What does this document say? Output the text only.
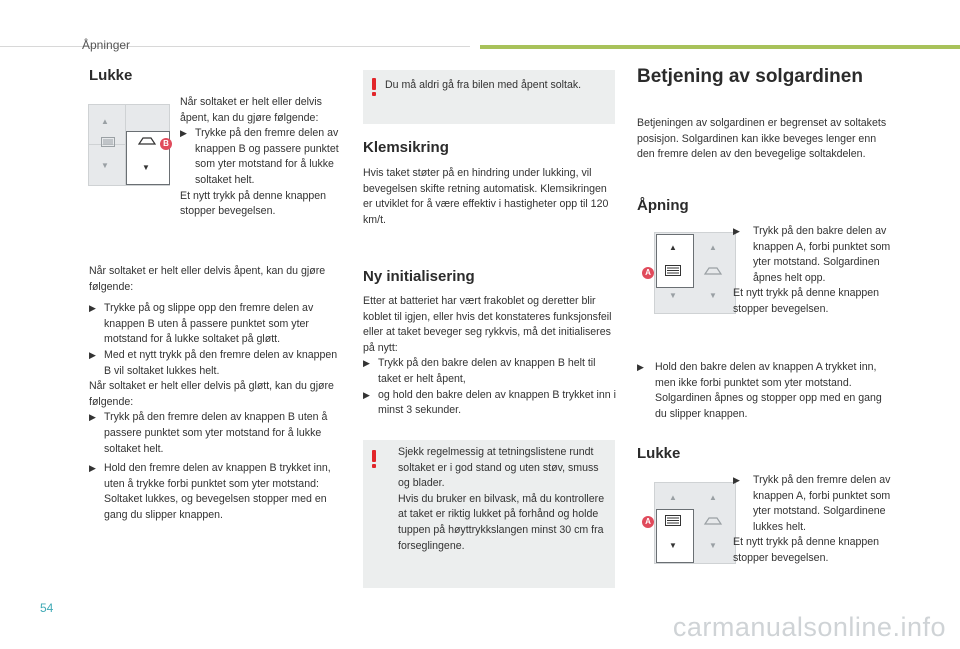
Åpninger
Lukke
▲
▼	▼
B

Når soltaket er helt eller delvis åpent, kan du gjøre følgende:

▶ Trykke på den fremre delen av knappen B og passere punktet som yter motstand for å lukke soltaket helt.

Et nytt trykk på denne knappen stopper bevegelsen.

Når soltaket er helt eller delvis åpent, kan du gjøre følgende:

▶ Trykke på og slippe opp den fremre delen av knappen B uten å passere punktet som yter motstand for å lukke soltaket på gløtt.
▶ Med et nytt trykk på den fremre delen av knappen B vil soltaket lukkes helt.

Når soltaket er helt eller delvis på gløtt, kan du gjøre følgende:

▶ Trykk på den fremre delen av knappen B uten å passere punktet som yter motstand for å lukke soltaket helt.
▶ Hold den fremre delen av knappen B trykket inn, uten å trykke forbi punktet som yter motstand: Soltaket lukkes, og bevegelsen stopper med en gang du slipper knappen.

Du må aldri gå fra bilen med åpent soltak.

Klemsikring

Hvis taket støter på en hindring under lukking, vil bevegelsen skifte retning automatisk. Klemsikringen er utviklet for å være effektiv i hastigheter opp til 120 km/t.

Ny initialisering

Etter at batteriet har vært frakoblet og deretter blir koblet til igjen, eller hvis det konstateres funksjonsfeil eller at taket beveger seg rykkvis, må det initialiseres på nytt:

▶ Trykk på den bakre delen av knappen B helt til taket er helt åpent,
▶ og hold den bakre delen av knappen B trykket inn i minst 3 sekunder.

Sjekk regelmessig at tetningslistene rundt soltaket er i god stand og uten støv, smuss og blader.
Hvis du bruker en bilvask, må du kontrollere at taket er riktig lukket på forhånd og holde tuppen på høyttrykkslangen minst 30 cm fra forseglingene.

Betjening av solgardinen

Betjeningen av solgardinen er begrenset av soltakets posisjon. Solgardinen kan ikke beveges lenger enn den fremre delen av den bevegelige soltakdelen.

Åpning
▲
▼
▲
▼
A
▶	Trykk på den bakre delen av knappen A, forbi punktet som yter motstand. Solgardinen åpnes helt opp.

Et nytt trykk på denne knappen stopper bevegelsen.

▶	Hold den bakre delen av knappen A trykket inn, men ikke forbi punktet som yter motstand. Solgardinen åpnes og stopper opp med en gang du slipper knappen.
Lukke
▲
▼
▲
▼
A
▶	Trykk på den fremre delen av knappen A, forbi punktet som yter motstand. Solgardinene lukkes helt.

Et nytt trykk på denne knappen stopper bevegelsen.

54
carmanualsonline.info
